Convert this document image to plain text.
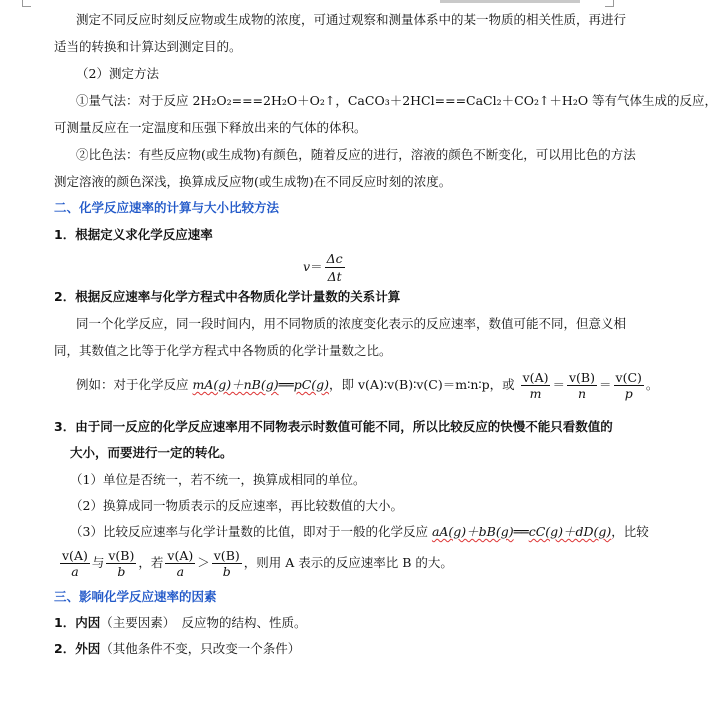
测定不同反应时刻反应物或生成物的浓度，可通过观察和测量体系中的某一物质的相关性质，再进行
适当的转换和计算达到测定目的。
（2）测定方法
①量气法：对于反应 2H₂O₂===2H₂O＋O₂↑，CaCO₃＋2HCl===CaCl₂＋CO₂↑＋H₂O 等有气体生成的反应，
可测量反应在一定温度和压强下释放出来的气体的体积。
②比色法：有些反应物(或生成物)有颜色，随着反应的进行，溶液的颜色不断变化，可以用比色的方法
测定溶液的颜色深浅，换算成反应物(或生成物)在不同反应时刻的浓度。
二、化学反应速率的计算与大小比较方法
1．根据定义求化学反应速率
$v= \frac{\Delta c}{\Delta t}$
2．根据反应速率与化学方程式中各物质化学计量数的关系计算
同一个化学反应，同一段时间内，用不同物质的浓度变化表示的反应速率，数值可能不同，但意义相
同，其数值之比等于化学方程式中各物质的化学计量数之比。
例如：对于化学反应 mA(g)＋nB(g)══pC(g)，即 v(A)∶v(B)∶v(C)＝m∶n∶p，或 $\frac{v(A)}{m} = \frac{v(B)}{n} = \frac{v(C)}{p}$ 。
3．由于同一反应的化学反应速率用不同物表示时数值可能不同，所以比较反应的快慢不能只看数值的
大小，而要进行一定的转化。
（1）单位是否统一，若不统一，换算成相同的单位。
（2）换算成同一物质表示的反应速率，再比较数值的大小。
（3）比较反应速率与化学计量数的比值，即对于一般的化学反应 aA(g)＋bB(g)══cC(g)＋dD(g)，比较
$\frac{v(A)}{a}$ 与 $\frac{v(B)}{b}$ ，若 $\frac{v(A)}{a} > \frac{v(B)}{b}$ ，则用 A 表示的反应速率比 B 的大。
三、影响化学反应速率的因素
1．内因（主要因素）　反应物的结构、性质。
2．外因（其他条件不变，只改变一个条件）
